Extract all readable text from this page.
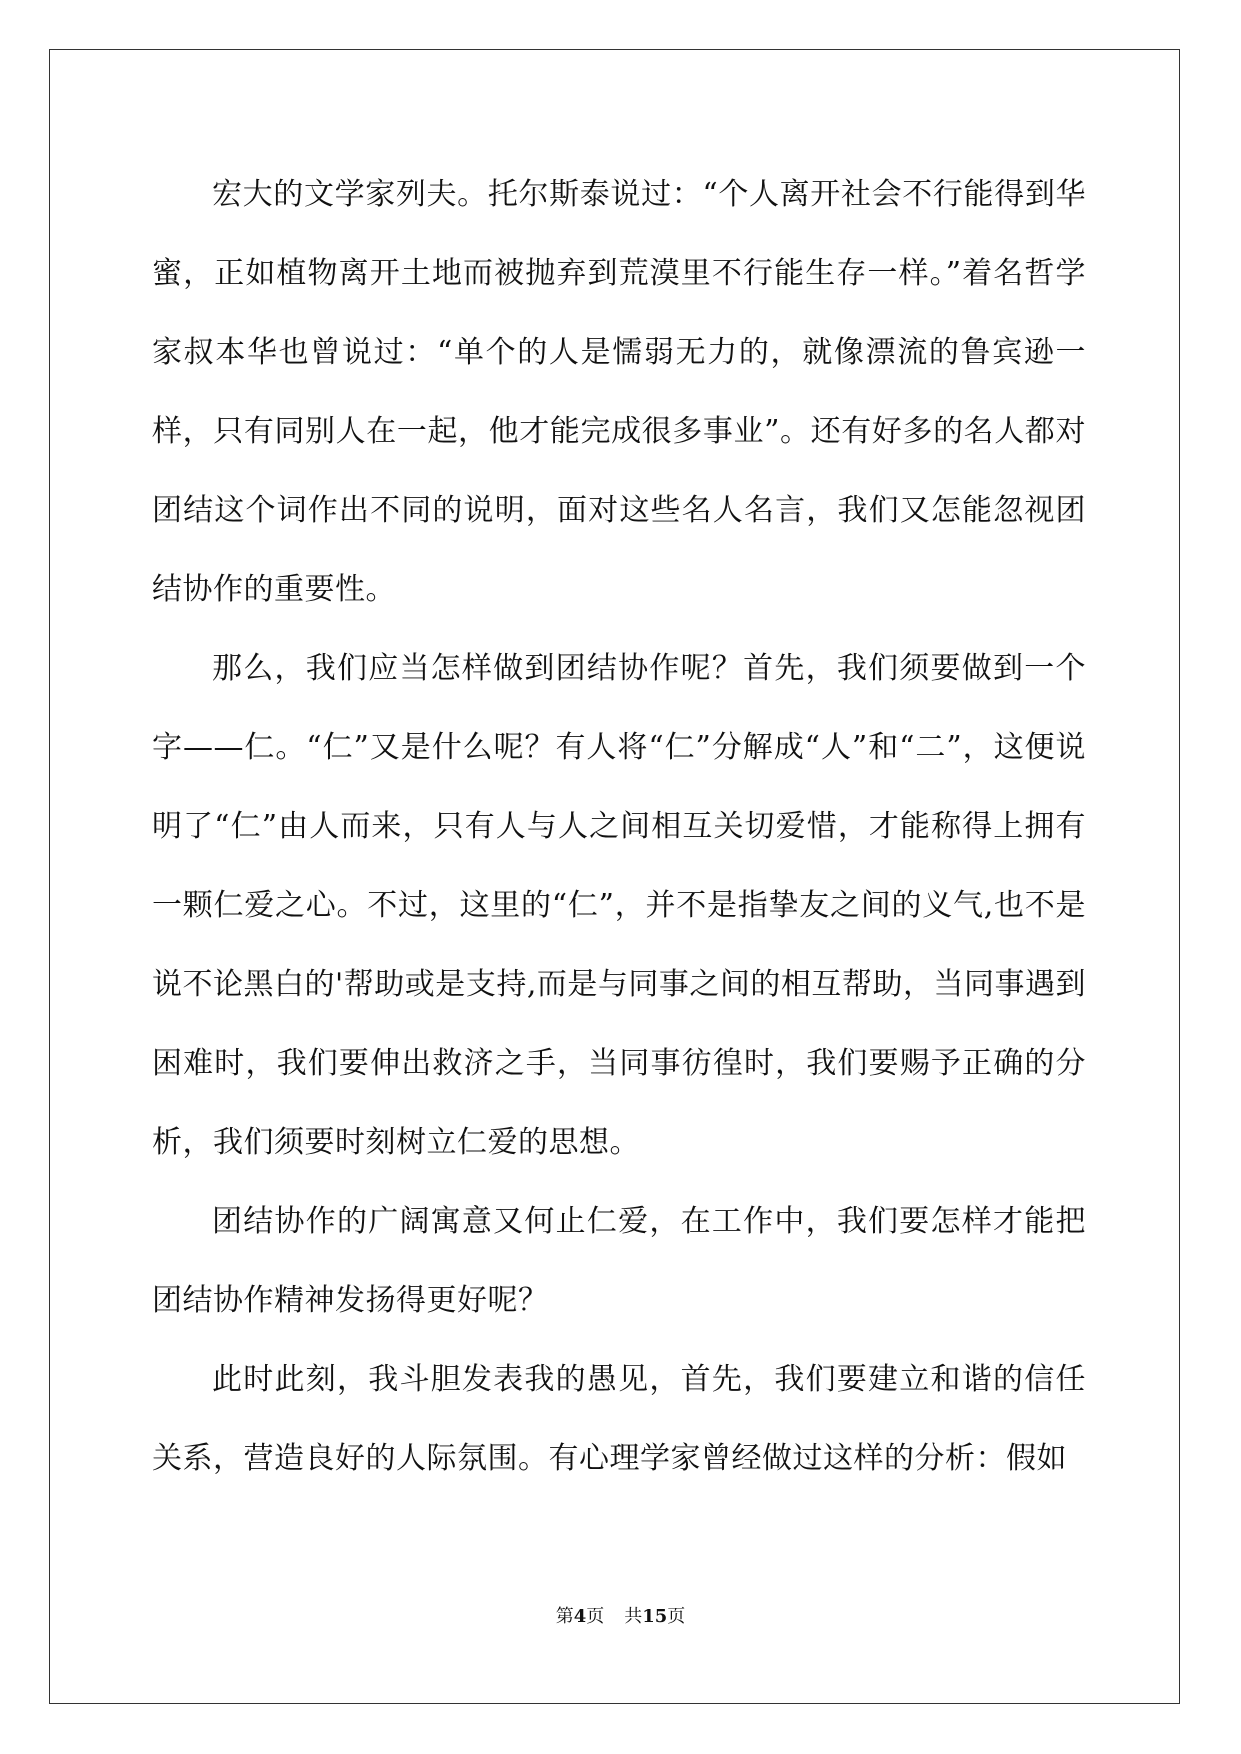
宏大的文学家列夫。托尔斯泰说过：“个人离开社会不行能得到华蜜，正如植物离开土地而被抛弃到荒漠里不行能生存一样。”着名哲学家叔本华也曾说过：“单个的人是懦弱无力的，就像漂流的鲁宾逊一样，只有同别人在一起，他才能完成很多事业”。还有好多的名人都对团结这个词作出不同的说明，面对这些名人名言，我们又怎能忽视团结协作的重要性。

那么，我们应当怎样做到团结协作呢？首先，我们须要做到一个字——仁。“仁”又是什么呢？有人将“仁”分解成“人”和“二”，这便说明了“仁”由人而来，只有人与人之间相互关切爱惜，才能称得上拥有一颗仁爱之心。不过，这里的“仁”，并不是指挚友之间的义气,也不是说不论黑白的'帮助或是支持,而是与同事之间的相互帮助，当同事遇到困难时，我们要伸出救济之手，当同事彷徨时，我们要赐予正确的分析，我们须要时刻树立仁爱的思想。

团结协作的广阔寓意又何止仁爱，在工作中，我们要怎样才能把团结协作精神发扬得更好呢？

此时此刻，我斗胆发表我的愚见，首先，我们要建立和谐的信任关系，营造良好的人际氛围。有心理学家曾经做过这样的分析：假如

第4页 共15页
